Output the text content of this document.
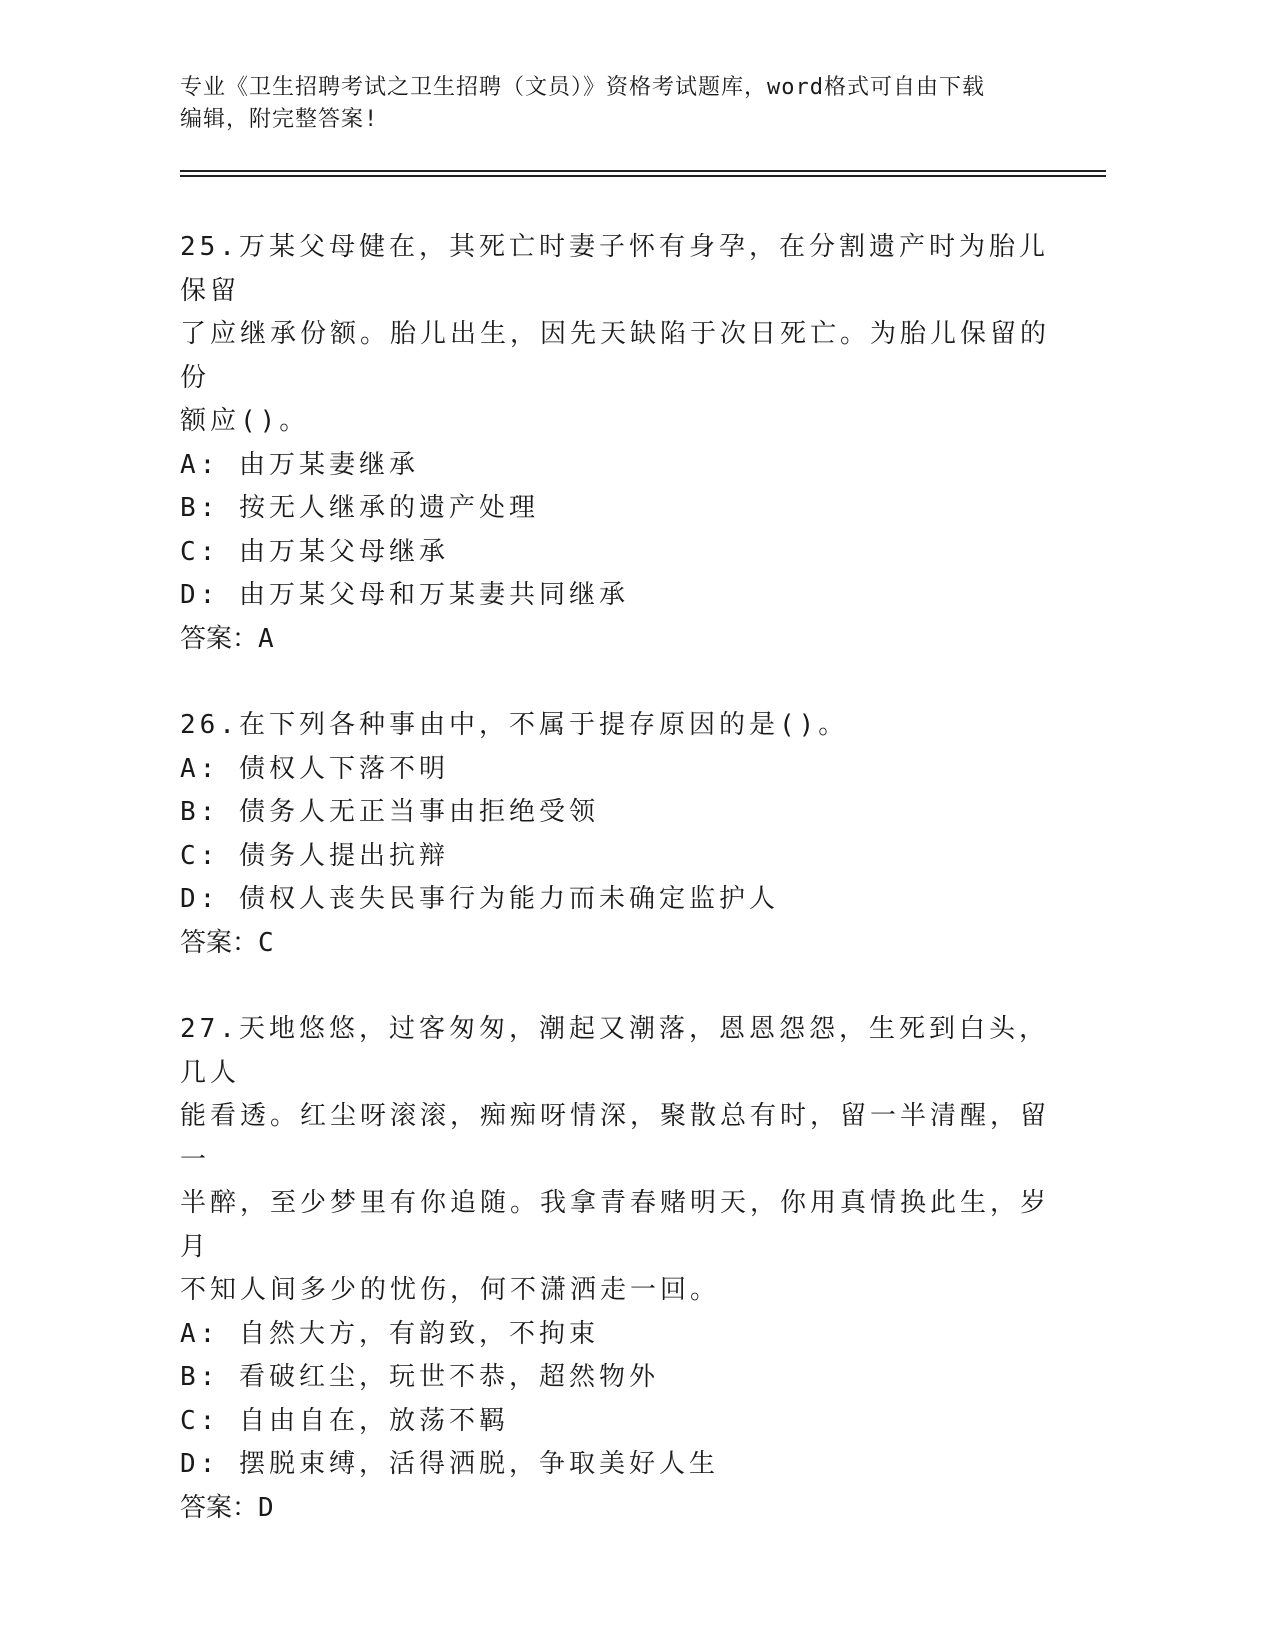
专业《卫生招聘考试之卫生招聘（文员）》资格考试题库，word格式可自由下载
编辑，附完整答案!

25.万某父母健在，其死亡时妻子怀有身孕，在分割遗产时为胎儿保留

了应继承份额。胎儿出生，因先天缺陷于次日死亡。为胎儿保留的份

额应()。

A: 由万某妻继承

B: 按无人继承的遗产处理

C: 由万某父母继承

D: 由万某父母和万某妻共同继承

答案：A

26.在下列各种事由中，不属于提存原因的是()。

A: 债权人下落不明

B: 债务人无正当事由拒绝受领

C: 债务人提出抗辩

D: 债权人丧失民事行为能力而未确定监护人

答案：C

27.天地悠悠，过客匆匆，潮起又潮落，恩恩怨怨，生死到白头，几人

能看透。红尘呀滚滚，痴痴呀情深，聚散总有时，留一半清醒，留一

半醉，至少梦里有你追随。我拿青春赌明天，你用真情换此生，岁月

不知人间多少的忧伤，何不潇洒走一回。

A: 自然大方，有韵致，不拘束

B: 看破红尘，玩世不恭，超然物外

C: 自由自在，放荡不羁

D: 摆脱束缚，活得洒脱，争取美好人生

答案：D
